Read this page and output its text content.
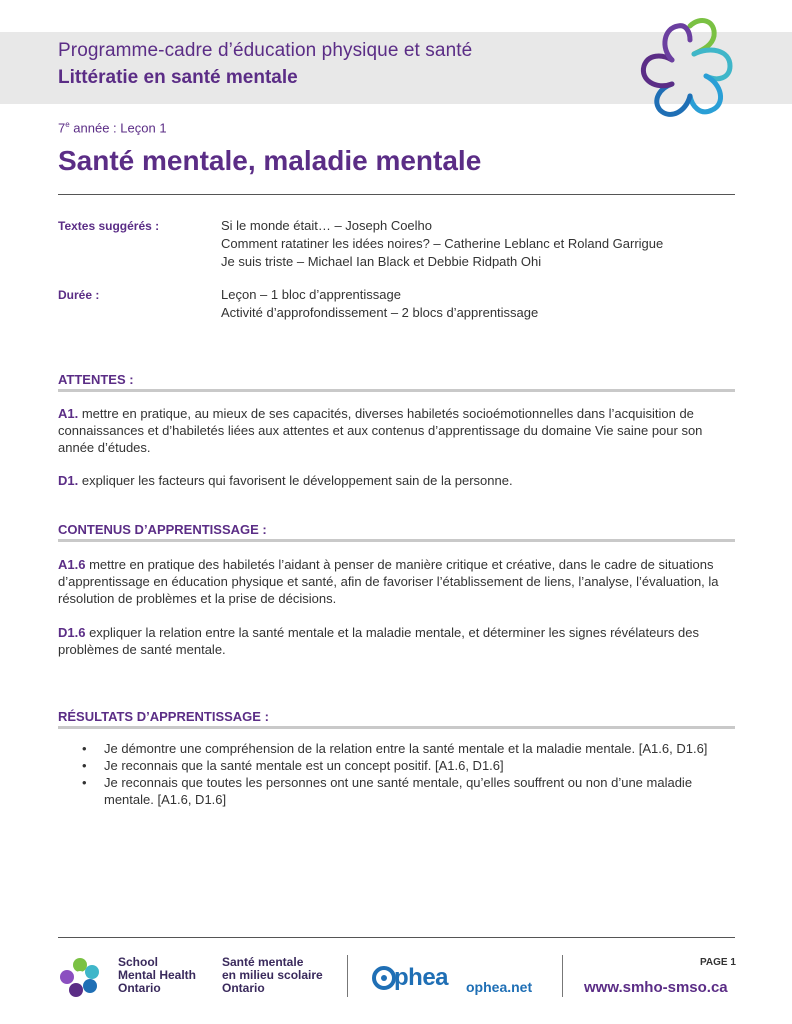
Programme-cadre d’éducation physique et santé
Littératie en santé mentale
7e année : Leçon 1
Santé mentale, maladie mentale
Textes suggérés :	Si le monde était… – Joseph Coelho
Comment ratatiner les idées noires? – Catherine Leblanc et Roland Garrigue
Je suis triste – Michael Ian Black et Debbie Ridpath Ohi
Durée :	Leçon – 1 bloc d’apprentissage
Activité d’approfondissement – 2 blocs d’apprentissage
ATTENTES :
A1. mettre en pratique, au mieux de ses capacités, diverses habiletés socioémotionnelles dans l’acquisition de connaissances et d’habiletés liées aux attentes et aux contenus d’apprentissage du domaine Vie saine pour son année d’études.
D1. expliquer les facteurs qui favorisent le développement sain de la personne.
CONTENUS D’APPRENTISSAGE :
A1.6 mettre en pratique des habiletés l’aidant à penser de manière critique et créative, dans le cadre de situations d’apprentissage en éducation physique et santé, afin de favoriser l’établissement de liens, l’analyse, l’évaluation, la résolution de problèmes et la prise de décisions.
D1.6 expliquer la relation entre la santé mentale et la maladie mentale, et déterminer les signes révélateurs des problèmes de santé mentale.
RÉSULTATS D’APPRENTISSAGE :
• Je démontre une compréhension de la relation entre la santé mentale et la maladie mentale. [A1.6, D1.6]
• Je reconnais que la santé mentale est un concept positif. [A1.6, D1.6]
• Je reconnais que toutes les personnes ont une santé mentale, qu’elles souffrent ou non d’une maladie mentale. [A1.6, D1.6]
School
Mental Health
Ontario
Santé mentale
en milieu scolaire
Ontario	phea ophea.net
PAGE 1
www.smho-smso.ca
